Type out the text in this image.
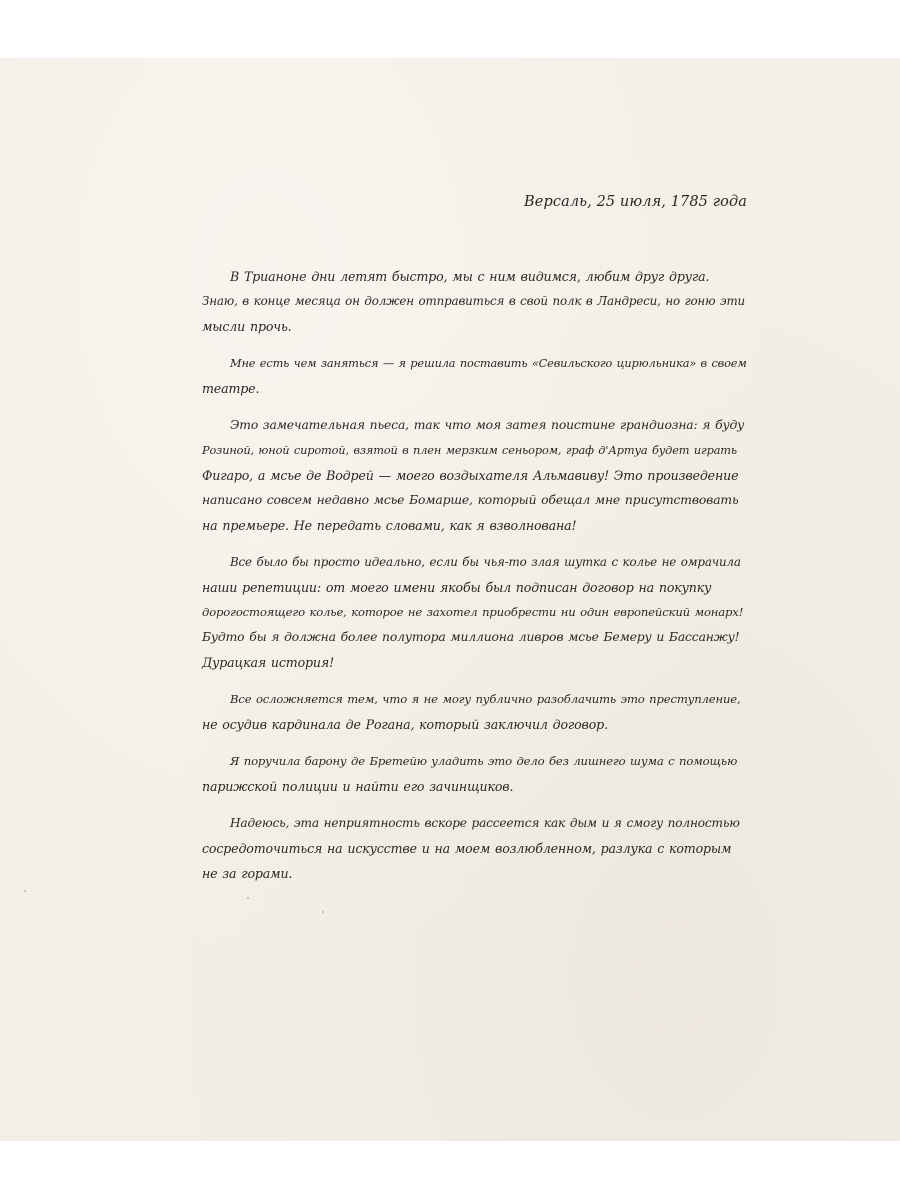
Версаль, 25 июля, 1785 года

В Трианоне дни летят быстро, мы с ним видимся, любим друг друга.
Знаю, в конце месяца он должен отправиться в свой полк в Ландреси, но гоню эти
мысли прочь.

Мне есть чем заняться — я решила поставить «Севильского цирюльника» в своем
театре.

Это замечательная пьеса, так что моя затея поистине грандиозна: я буду
Розиной, юной сиротой, взятой в плен мерзким сеньором, граф д'Артуа будет играть
Фигаро, а мсье де Водрей — моего воздыхателя Альмавиву! Это произведение
написано совсем недавно мсье Бомарше, который обещал мне присутствовать
на премьере. Не передать словами, как я взволнована!

Все было бы просто идеально, если бы чья-то злая шутка с колье не омрачила
наши репетиции: от моего имени якобы был подписан договор на покупку
дорогостоящего колье, которое не захотел приобрести ни один европейский монарх!
Будто бы я должна более полутора миллиона ливров мсье Бемеру и Бассанжу!
Дурацкая история!

Все осложняется тем, что я не могу публично разоблачить это преступление,
не осудив кардинала де Рогана, который заключил договор.

Я поручила барону де Бретейю уладить это дело без лишнего шума с помощью
парижской полиции и найти его зачинщиков.

Надеюсь, эта неприятность вскоре рассеется как дым и я смогу полностью
сосредоточиться на искусстве и на моем возлюбленном, разлука с которым
не за горами.
